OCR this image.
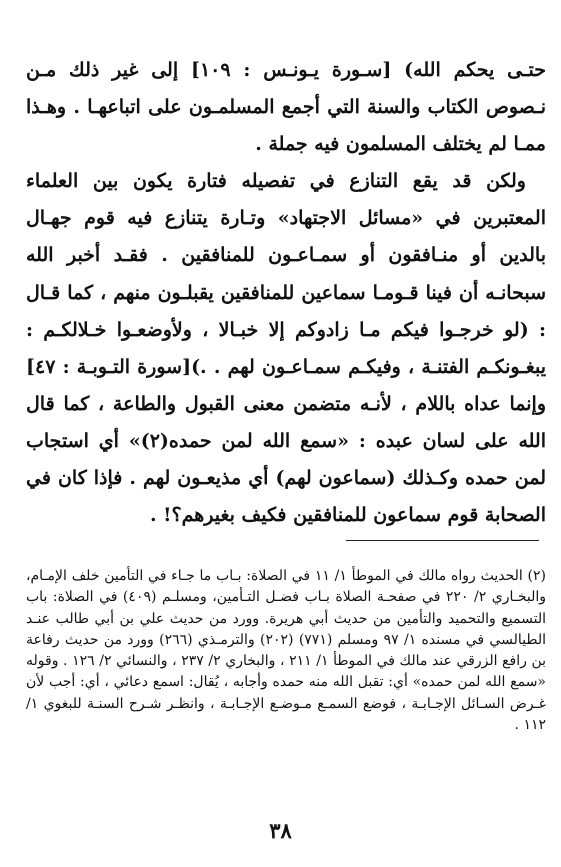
حتـى يحكم الله) [سـورة يـونـس : ١٠٩] إلى غير ذلك مـن نـصوص الكتاب والسنة التي أجمع المسلمـون على اتباعهـا . وهـذا ممـا لم يختلف المسلمون فيه جملة .

ولكن قد يقع التنازع في تفصيله فتارة يكون بين العلماء المعتبرين في «مسائل الاجتهاد» وتـارة يتنازع فيه قوم جهـال بالدين أو منـافقون أو سمـاعـون للمنافقين . فقـد أخبر الله سبحانـه أن فينا قـومـا سماعين للمنافقين يقبلـون منهم ، كما قـال : (لو خرجـوا فيكم مـا زادوكم إلا خبـالا ، ولأوضعـوا خـلالكـم : يبغـونكـم الفتنـة ، وفيكـم سمـاعـون لهم . .)[سورة التـوبـة : ٤٧] وإنما عداه باللام ، لأنـه متضمن معنى القبول والطاعة ، كما قال الله على لسان عبده : «سمع الله لمن حمده(٢)» أي استجاب لمن حمده وكـذلك (سماعون لهم) أي مذيعـون لهم . فإذا كان في الصحابة قوم سماعون للمنافقين فكيف بغيرهم؟! .

(٢) الحديث رواه مالك في الموطأ ١/ ١١ في الصلاة: بـاب ما جـاء في التأمين خلف الإمـام، والبخـاري ٢/ ٢٢٠ في صفحـة الصلاة بـاب فضـل التـأمين، ومسلـم (٤٠٩) في الصلاة: باب التسميع والتحميد والتأمين من حديث أبي هريرة. وورد من حديث علي بن أبي طالب عنـد الطيالسي في مسنده ١/ ٩٧ ومسلم (٧٧١) (٢٠٢) والترمـذي (٢٦٦) وورد من حديث رفاعة بن رافع الزرقي عند مالك في الموطأ ١/ ٢١١ ، والبخاري ٢/ ٢٣٧ ، والنسائي ٢/ ١٢٦ . وقوله «سمع الله لمن حمده» أي: تقبل الله منه حمده وأجابه ، يُقال: اسمع دعائي ، أي: أجب لأن غـرض السـائل الإجـابـة ، فوضع السمـع مـوضـع الإجـابـة ، وانظـر شـرح السنـة للبغوي ١/ ١١٢ .

٣٨
